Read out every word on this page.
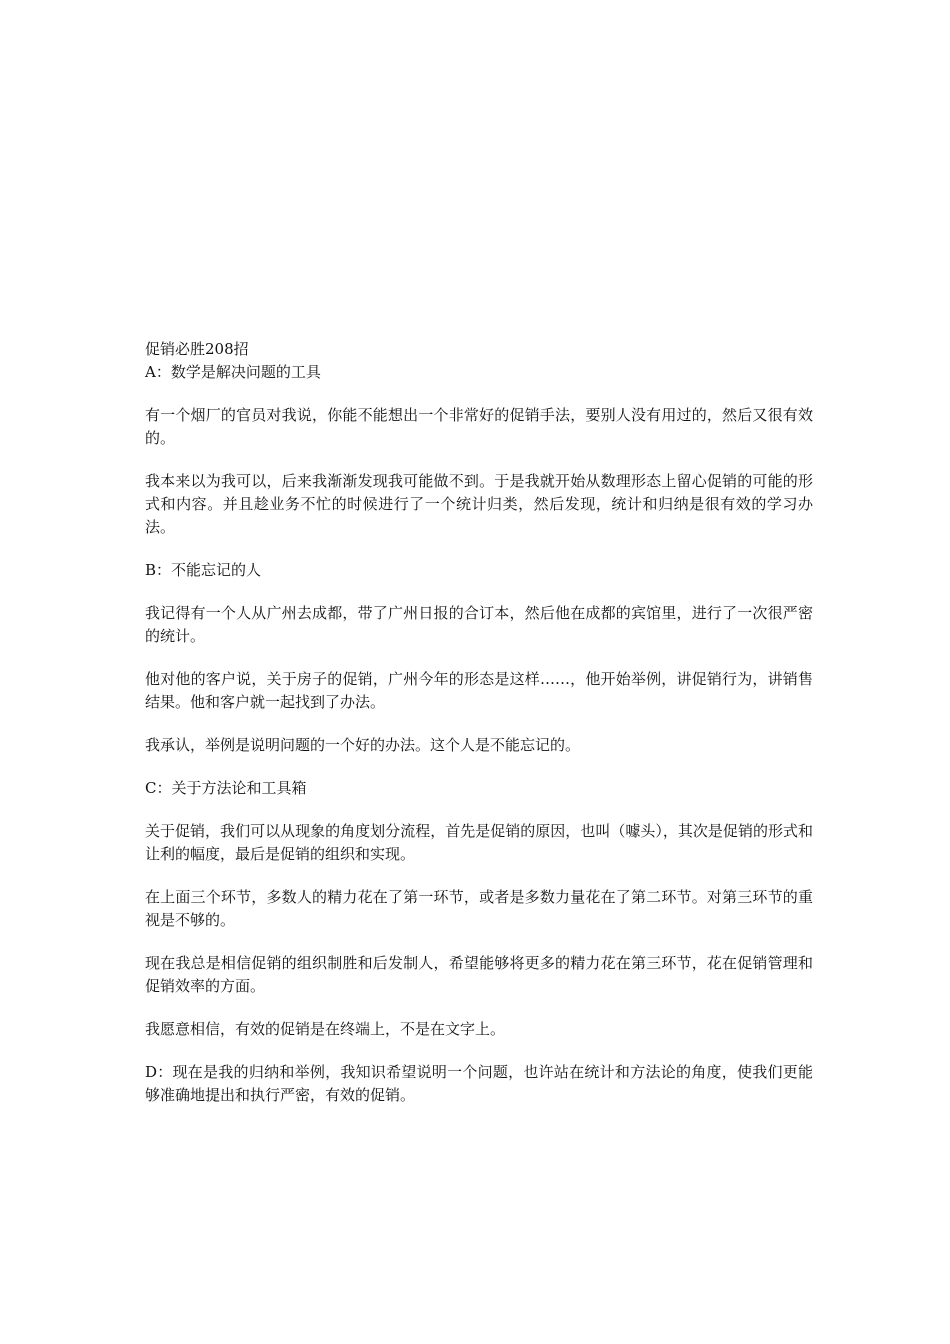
促销必胜208招

A：数学是解决问题的工具

有一个烟厂的官员对我说，你能不能想出一个非常好的促销手法，要别人没有用过的，然后又很有效的。

我本来以为我可以，后来我渐渐发现我可能做不到。于是我就开始从数理形态上留心促销的可能的形式和内容。并且趁业务不忙的时候进行了一个统计归类，然后发现，统计和归纳是很有效的学习办法。

B：不能忘记的人

我记得有一个人从广州去成都，带了广州日报的合订本，然后他在成都的宾馆里，进行了一次很严密的统计。

他对他的客户说，关于房子的促销，广州今年的形态是这样……，他开始举例，讲促销行为，讲销售结果。他和客户就一起找到了办法。

我承认，举例是说明问题的一个好的办法。这个人是不能忘记的。

C：关于方法论和工具箱

关于促销，我们可以从现象的角度划分流程，首先是促销的原因，也叫（噱头），其次是促销的形式和让利的幅度，最后是促销的组织和实现。

在上面三个环节，多数人的精力花在了第一环节，或者是多数力量花在了第二环节。对第三环节的重视是不够的。

现在我总是相信促销的组织制胜和后发制人，希望能够将更多的精力花在第三环节，花在促销管理和促销效率的方面。

我愿意相信，有效的促销是在终端上，不是在文字上。

D：现在是我的归纳和举例，我知识希望说明一个问题，也许站在统计和方法论的角度，使我们更能够准确地提出和执行严密，有效的促销。
